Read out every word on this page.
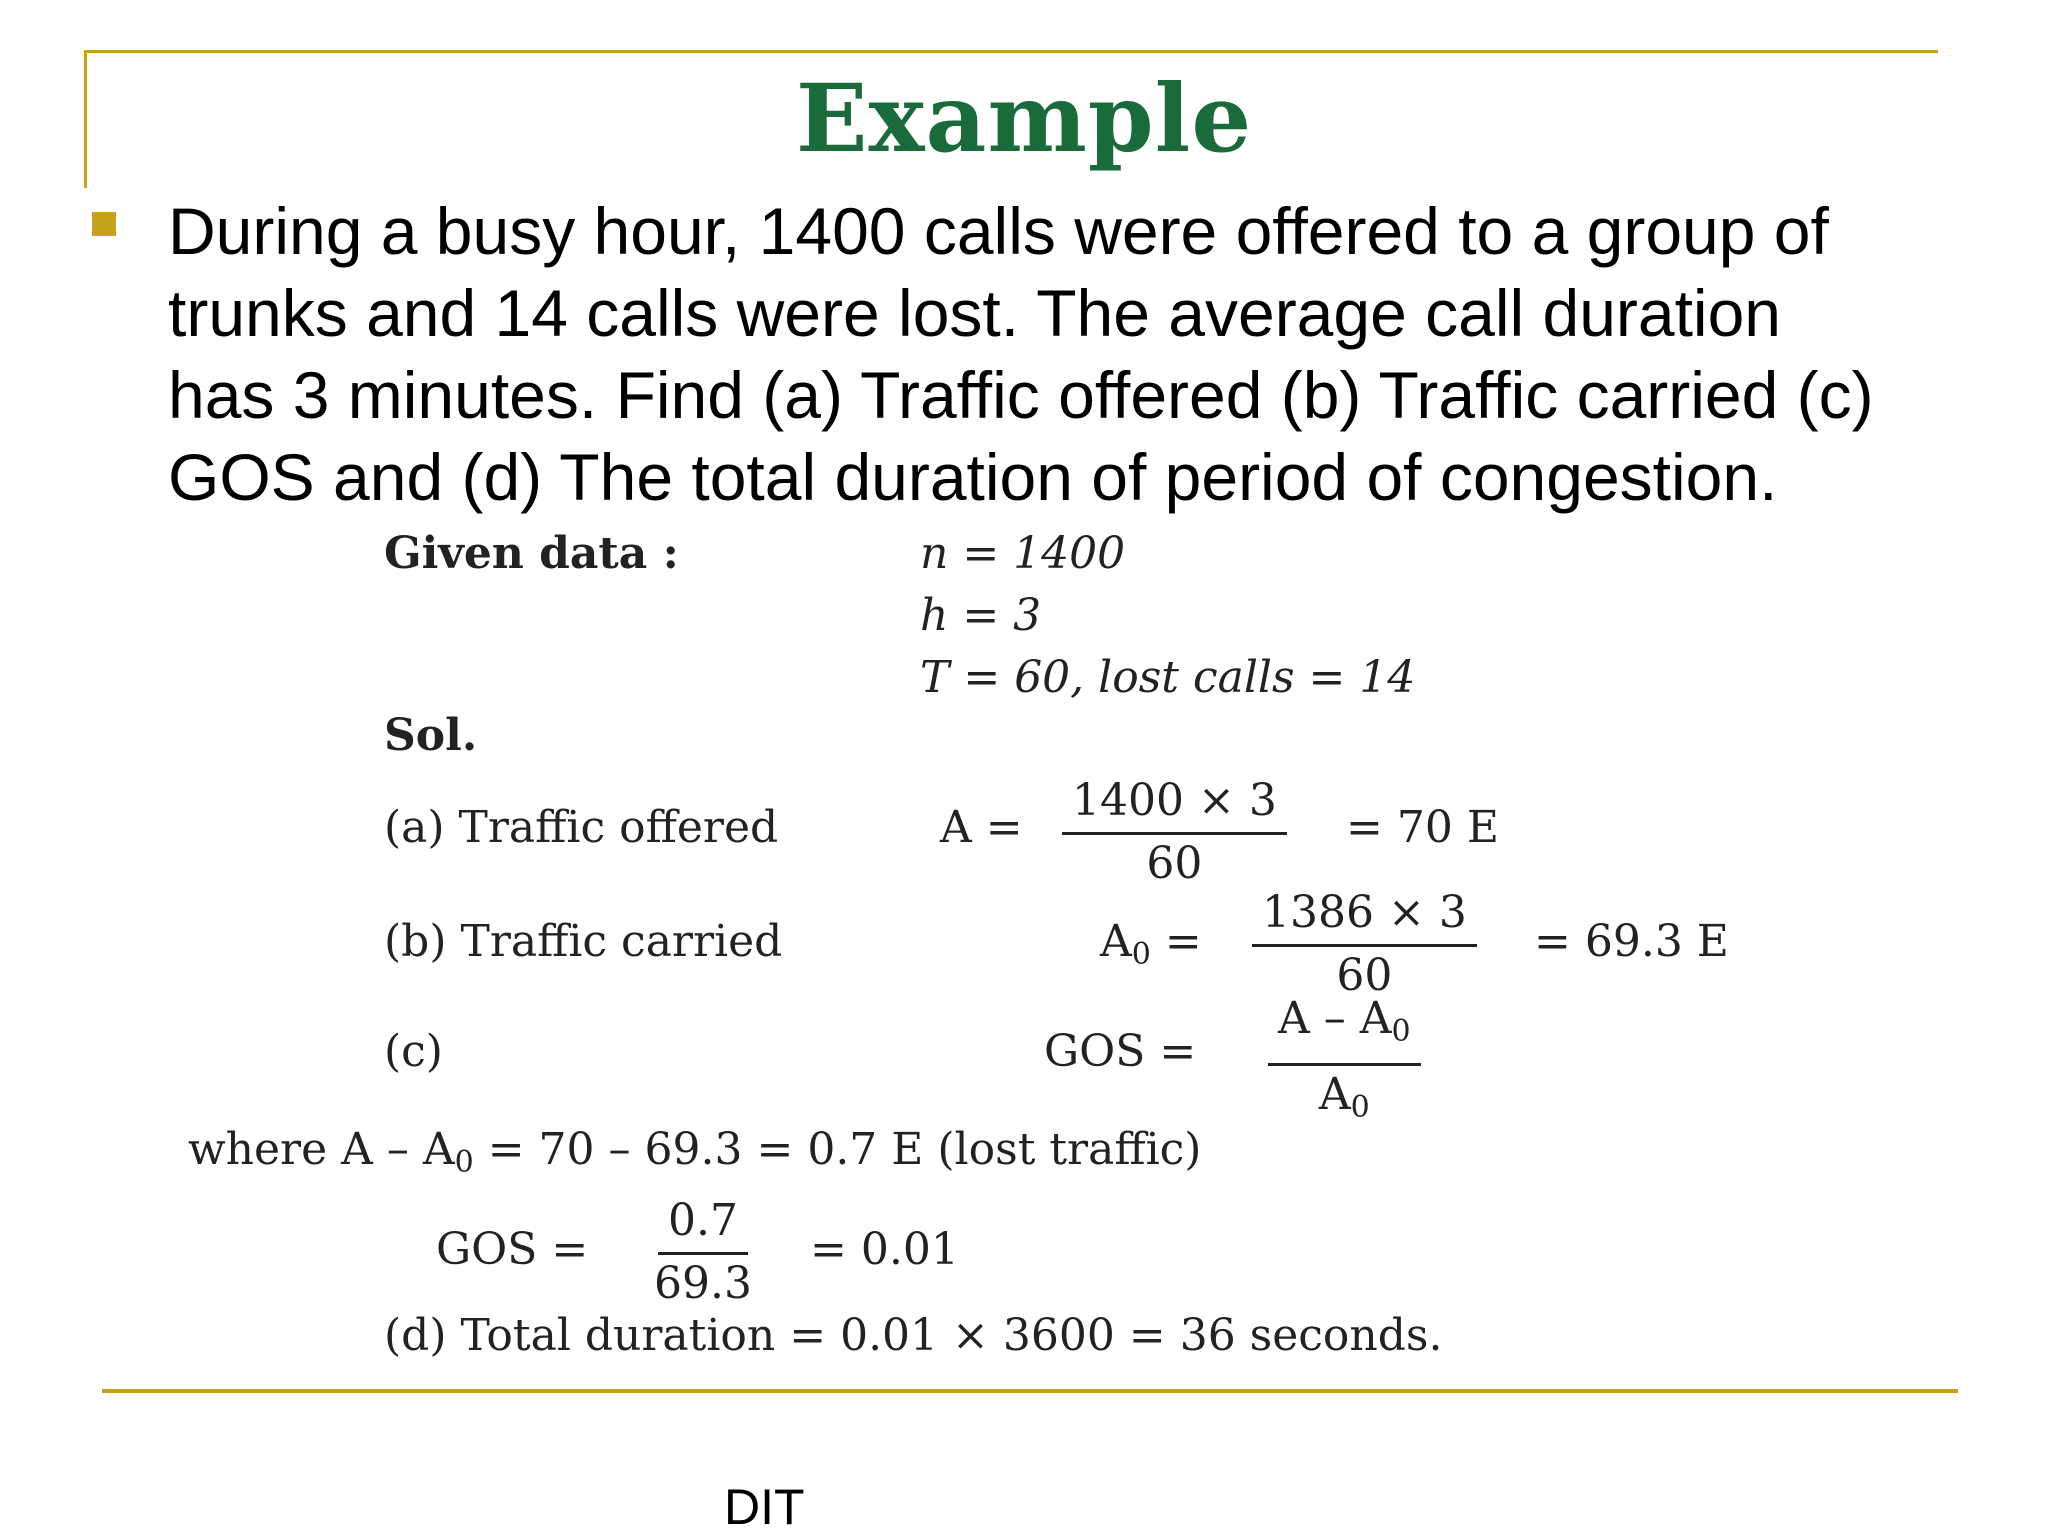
Example

During a busy hour, 1400 calls were offered to a group of

trunks and 14 calls were lost. The average call duration

has 3 minutes. Find (a) Traffic offered (b) Traffic carried (c)

GOS and (d) The total duration of period of congestion.

Given data :	n = 1400
h = 3
T = 60, lost calls = 14
Sol.
(a) Traffic offered	$A = \frac{1400 \times 3}{60} = 70$ E
(b) Traffic carried	$A_0 = \frac{1386 \times 3}{60} = 69.3$ E
(c)	GOS = $\frac{A - A_0}{A_0}$
where $A - A_0 = 70 - 69.3 = 0.7$ E (lost traffic)
GOS = $\frac{0.7}{69.3} = 0.01$
(d) Total duration = 0.01 × 3600 = 36 seconds.
DIT
